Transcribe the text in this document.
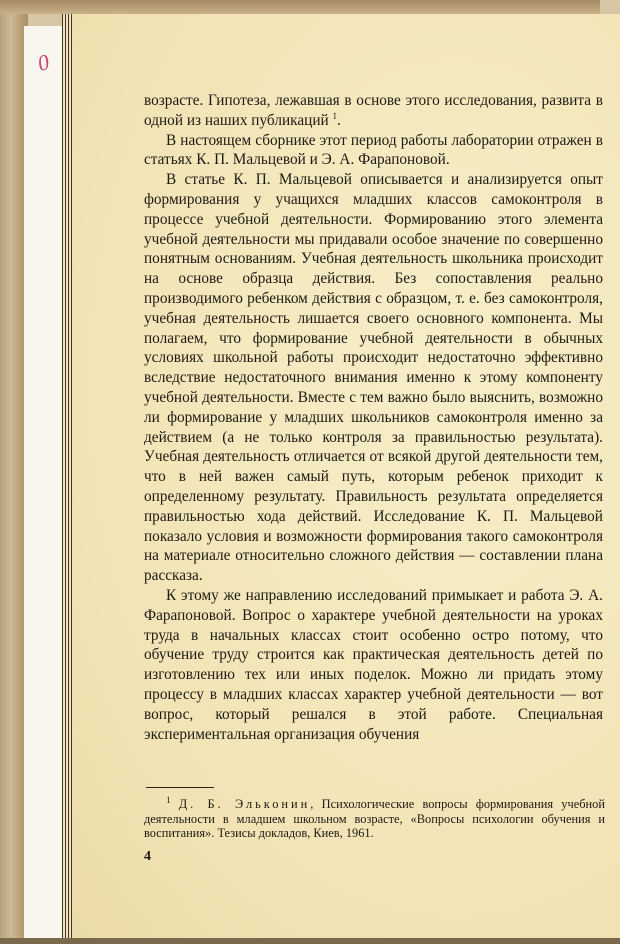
0

возрасте. Гипотеза, лежавшая в основе этого исследования, развита в одной из наших публикаций $^1$.

В настоящем сборнике этот период работы лаборатории отражен в статьях К. П. Мальцевой и Э. А. Фарапоновой.

В статье К. П. Мальцевой описывается и анализируется опыт формирования у учащихся младших классов самоконтроля в процессе учебной деятельности. Формированию этого элемента учебной деятельности мы придавали особое значение по совершенно понятным основаниям. Учебная деятельность школьника происходит на основе образца действия. Без сопоставления реально производимого ребенком действия с образцом, т. е. без самоконтроля, учебная деятельность лишается своего основного компонента. Мы полагаем, что формирование учебной деятельности в обычных условиях школьной работы происходит недостаточно эффективно вследствие недостаточного внимания именно к этому компоненту учебной деятельности. Вместе с тем важно было выяснить, возможно ли формирование у младших школьников самоконтроля именно за действием (а не только контроля за правильностью результата). Учебная деятельность отличается от всякой другой деятельности тем, что в ней важен самый путь, которым ребенок приходит к определенному результату. Правильность результата определяется правильностью хода действий. Исследование К. П. Мальцевой показало условия и возможности формирования такого самоконтроля на материале относительно сложного действия — составлении плана рассказа.

К этому же направлению исследований примыкает и работа Э. А. Фарапоновой. Вопрос о характере учебной деятельности на уроках труда в начальных классах стоит особенно остро потому, что обучение труду строится как практическая деятельность детей по изготовлению тех или иных поделок. Можно ли придать этому процессу в младших классах характер учебной деятельности — вот вопрос, который решался в этой работе. Специальная экспериментальная организация обучения

$^1$ Д. Б. Эльконин, Психологические вопросы формирования учебной деятельности в младшем школьном возрасте, «Вопросы психологии обучения и воспитания». Тезисы докладов, Киев, 1961.
4
